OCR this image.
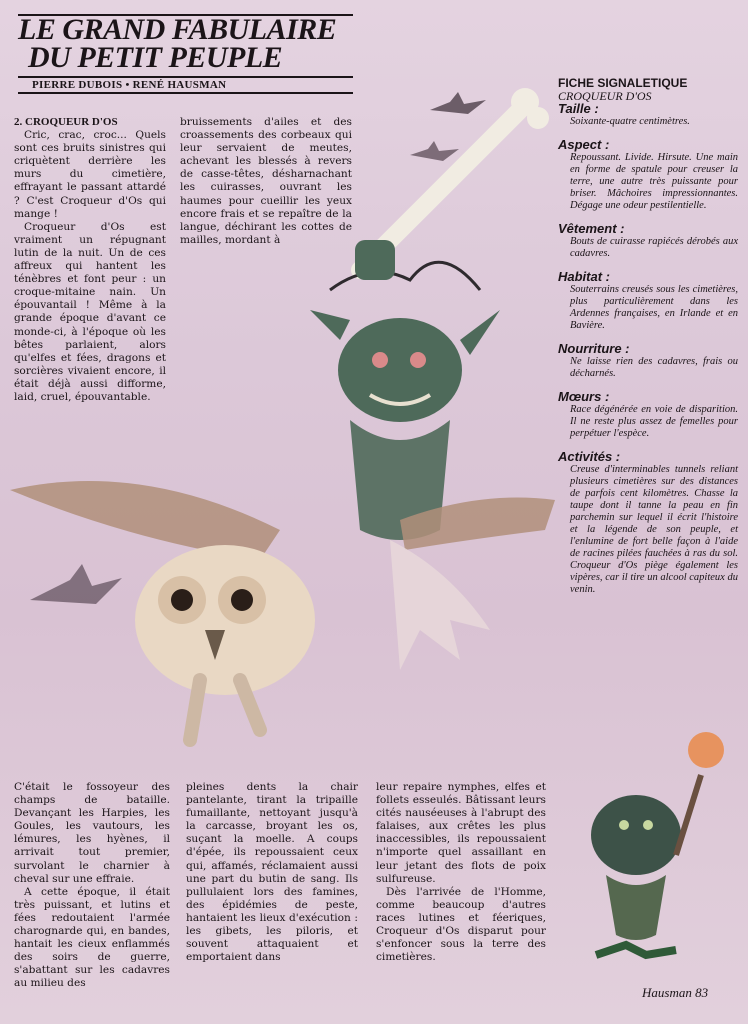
LE GRAND FABULAIRE
DU PETIT PEUPLE
PIERRE DUBOIS • RENÉ HAUSMAN
2. CROQUEUR D'OS

Cric, crac, croc... Quels sont ces bruits sinistres qui criquètent derrière les murs du cimetière, effrayant le passant attardé ? C'est Croqueur d'Os qui mange !

Croqueur d'Os est vraiment un répugnant lutin de la nuit. Un de ces affreux qui hantent les ténèbres et font peur : un croque-mitaine nain. Un épouvantail ! Même à la grande époque d'avant ce monde-ci, à l'époque où les bêtes parlaient, alors qu'elfes et fées, dragons et sorcières vivaient encore, il était déjà aussi difforme, laid, cruel, épouvantable.

bruissements d'ailes et des croassements des corbeaux qui leur servaient de meutes, achevant les blessés à revers de casse-têtes, désharnachant les cuirasses, ouvrant les haumes pour cueillir les yeux encore frais et se repaître de la langue, déchirant les cottes de mailles, mordant à

FICHE SIGNALETIQUE
CROQUEUR D'OS
Taille :

Soixante-quatre centimètres.

Aspect :

Repoussant. Livide. Hirsute. Une main en forme de spatule pour creuser la terre, une autre très puissante pour briser. Mâchoires impressionnantes. Dégage une odeur pestilentielle.

Vêtement :

Bouts de cuirasse rapiécés dérobés aux cadavres.

Habitat :

Souterrains creusés sous les cimetières, plus particulièrement dans les Ardennes françaises, en Irlande et en Bavière.

Nourriture :

Ne laisse rien des cadavres, frais ou décharnés.

Mœurs :

Race dégénérée en voie de disparition. Il ne reste plus assez de femelles pour perpétuer l'espèce.

Activités :

Creuse d'interminables tunnels reliant plusieurs cimetières sur des distances de parfois cent kilomètres. Chasse la taupe dont il tanne la peau en fin parchemin sur lequel il écrit l'histoire et la légende de son peuple, et l'enlumine de fort belle façon à l'aide de racines pilées fauchées à ras du sol. Croqueur d'Os piège également les vipères, car il tire un alcool capiteux du venin.

C'était le fossoyeur des champs de bataille. Devançant les Harpies, les Goules, les vautours, les lémures, les hyènes, il arrivait tout premier, survolant le charnier à cheval sur une effraie.

A cette époque, il était très puissant, et lutins et fées redoutaient l'armée charognarde qui, en bandes, hantait les cieux enflammés des soirs de guerre, s'abattant sur les cadavres au milieu des

pleines dents la chair pantelante, tirant la tripaille fumaillante, nettoyant jusqu'à la carcasse, broyant les os, suçant la moelle. A coups d'épée, ils repoussaient ceux qui, affamés, réclamaient aussi une part du butin de sang. Ils pullulaient lors des famines, des épidémies de peste, hantaient les lieux d'exécution : les gibets, les piloris, et souvent attaquaient et emportaient dans

leur repaire nymphes, elfes et follets esseulés. Bâtissant leurs cités nauséeuses à l'abrupt des falaises, aux crêtes les plus inaccessibles, ils repoussaient n'importe quel assaillant en leur jetant des flots de poix sulfureuse.

Dès l'arrivée de l'Homme, comme beaucoup d'autres races lutines et féeriques, Croqueur d'Os disparut pour s'enfoncer sous la terre des cimetières.

Hausman 83
